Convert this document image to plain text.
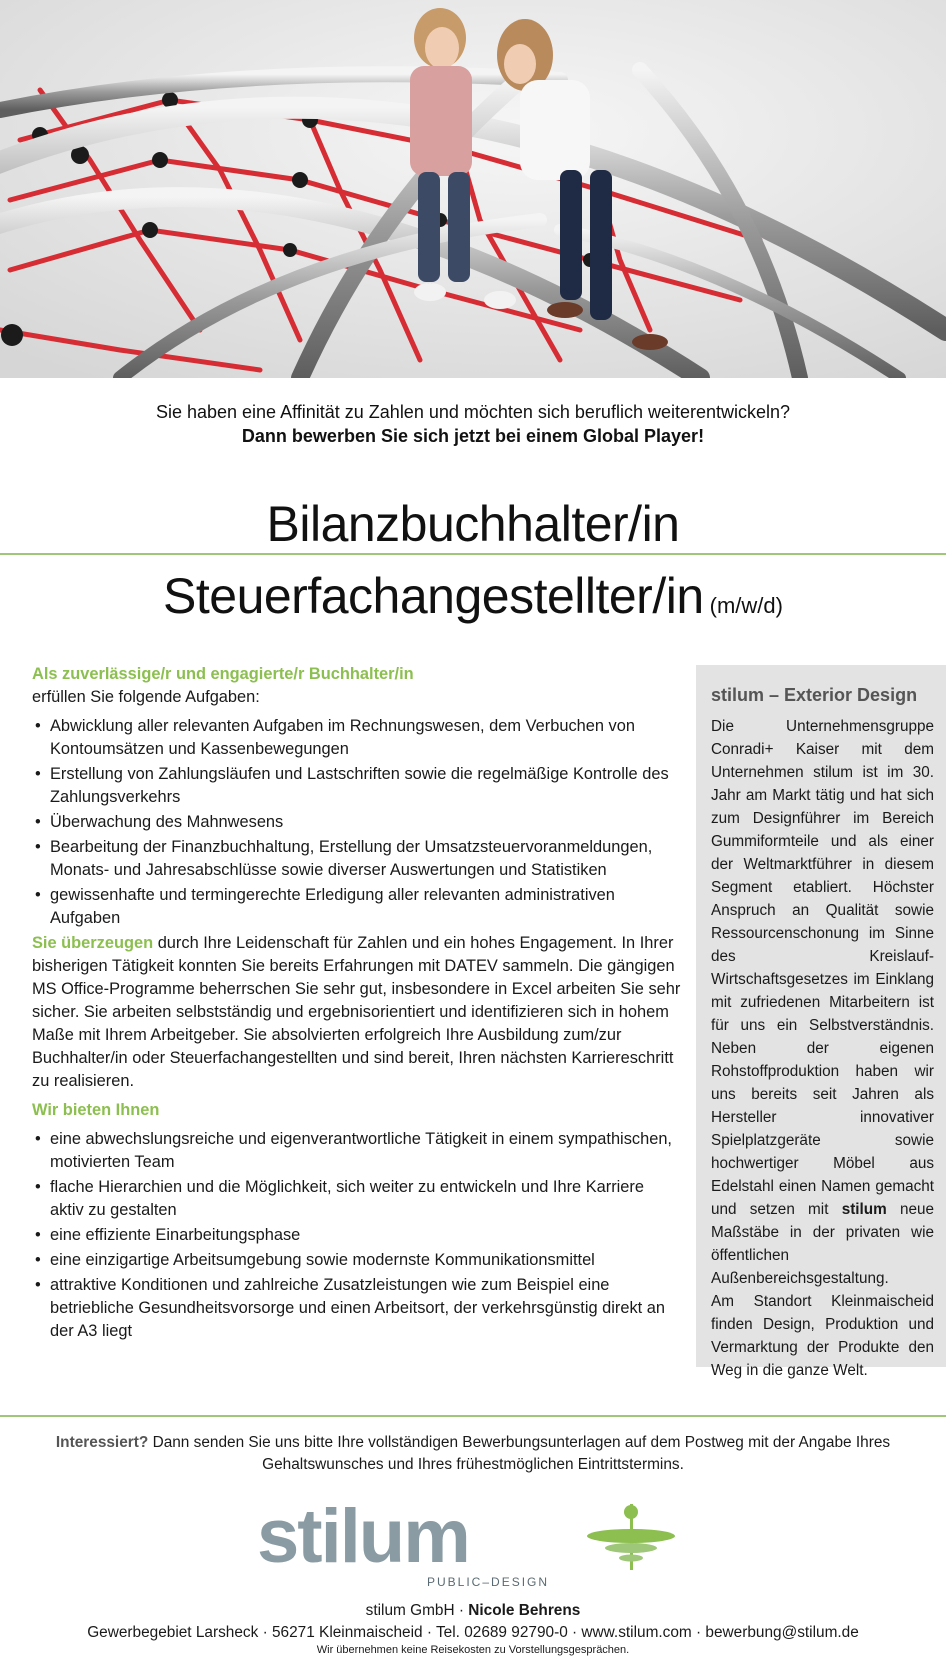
Sie haben eine Affinität zu Zahlen und möchten sich beruflich weiterentwickeln?
Dann bewerben Sie sich jetzt bei einem Global Player!
Bilanzbuchhalter/in
Steuerfachangestellter/in (m/w/d)

Als zuverlässige/r und engagierte/r Buchhalter/in

erfüllen Sie folgende Aufgaben:

• Abwicklung aller relevanten Aufgaben im Rechnungswesen, dem Verbuchen von Kontoumsätzen und Kassenbewegungen
• Erstellung von Zahlungsläufen und Lastschriften sowie die regelmäßige Kontrolle des Zahlungsverkehrs
• Überwachung des Mahnwesens
• Bearbeitung der Finanzbuchhaltung, Erstellung der Umsatzsteuervoranmeldungen, Monats- und Jahresabschlüsse sowie diverser Auswertungen und Statistiken
• gewissenhafte und termingerechte Erledigung aller relevanten administrativen Aufgaben

Sie überzeugen durch Ihre Leidenschaft für Zahlen und ein hohes Engagement. In Ihrer bisherigen Tätigkeit konnten Sie bereits Erfahrungen mit DATEV sammeln. Die gängigen MS Office-Programme beherrschen Sie sehr gut, insbesondere in Excel arbeiten Sie sehr sicher. Sie arbeiten selbstständig und ergebnisorientiert und identifizieren sich in hohem Maße mit Ihrem Arbeitgeber. Sie absolvierten erfolgreich Ihre Ausbildung zum/zur Buchhalter/in oder Steuerfachangestellten und sind bereit, Ihren nächsten Karriereschritt zu realisieren.

Wir bieten Ihnen

• eine abwechslungsreiche und eigenverantwortliche Tätigkeit in einem sympathischen, motivierten Team
• flache Hierarchien und die Möglichkeit, sich weiter zu entwickeln und Ihre Karriere aktiv zu gestalten
• eine effiziente Einarbeitungsphase
• eine einzigartige Arbeitsumgebung sowie modernste Kommunikationsmittel
• attraktive Konditionen und zahlreiche Zusatzleistungen wie zum Beispiel eine betriebliche Gesundheitsvorsorge und einen Arbeitsort, der verkehrsgünstig direkt an der A3 liegt
stilum – Exterior Design

Die Unternehmensgruppe Conradi+ Kaiser mit dem Unternehmen stilum ist im 30. Jahr am Markt tätig und hat sich zum Designführer im Bereich Gummiformteile und als einer der Weltmarktführer in diesem Segment etabliert. Höchster Anspruch an Qualität sowie Ressourcenschonung im Sinne des Kreislauf-Wirtschaftsgesetzes im Einklang mit zufriedenen Mitarbeitern ist für uns ein Selbstverständnis. Neben der eigenen Rohstoffproduktion haben wir uns bereits seit Jahren als Hersteller innovativer Spielplatzgeräte sowie hochwertiger Möbel aus Edelstahl einen Namen gemacht und setzen mit stilum neue Maßstäbe in der privaten wie öffentlichen Außenbereichsgestaltung.

Am Standort Kleinmaischeid finden Design, Produktion und Vermarktung der Produkte den Weg in die ganze Welt.

Interessiert? Dann senden Sie uns bitte Ihre vollständigen Bewerbungsunterlagen auf dem Postweg mit der Angabe Ihres Gehaltswunsches und Ihres frühestmöglichen Eintrittstermins.
stilum
PUBLIC–DESIGN
stilum GmbH · Nicole Behrens
Gewerbegebiet Larsheck · 56271 Kleinmaischeid · Tel. 02689 92790-0 · www.stilum.com · bewerbung@stilum.de
Wir übernehmen keine Reisekosten zu Vorstellungsgesprächen.
